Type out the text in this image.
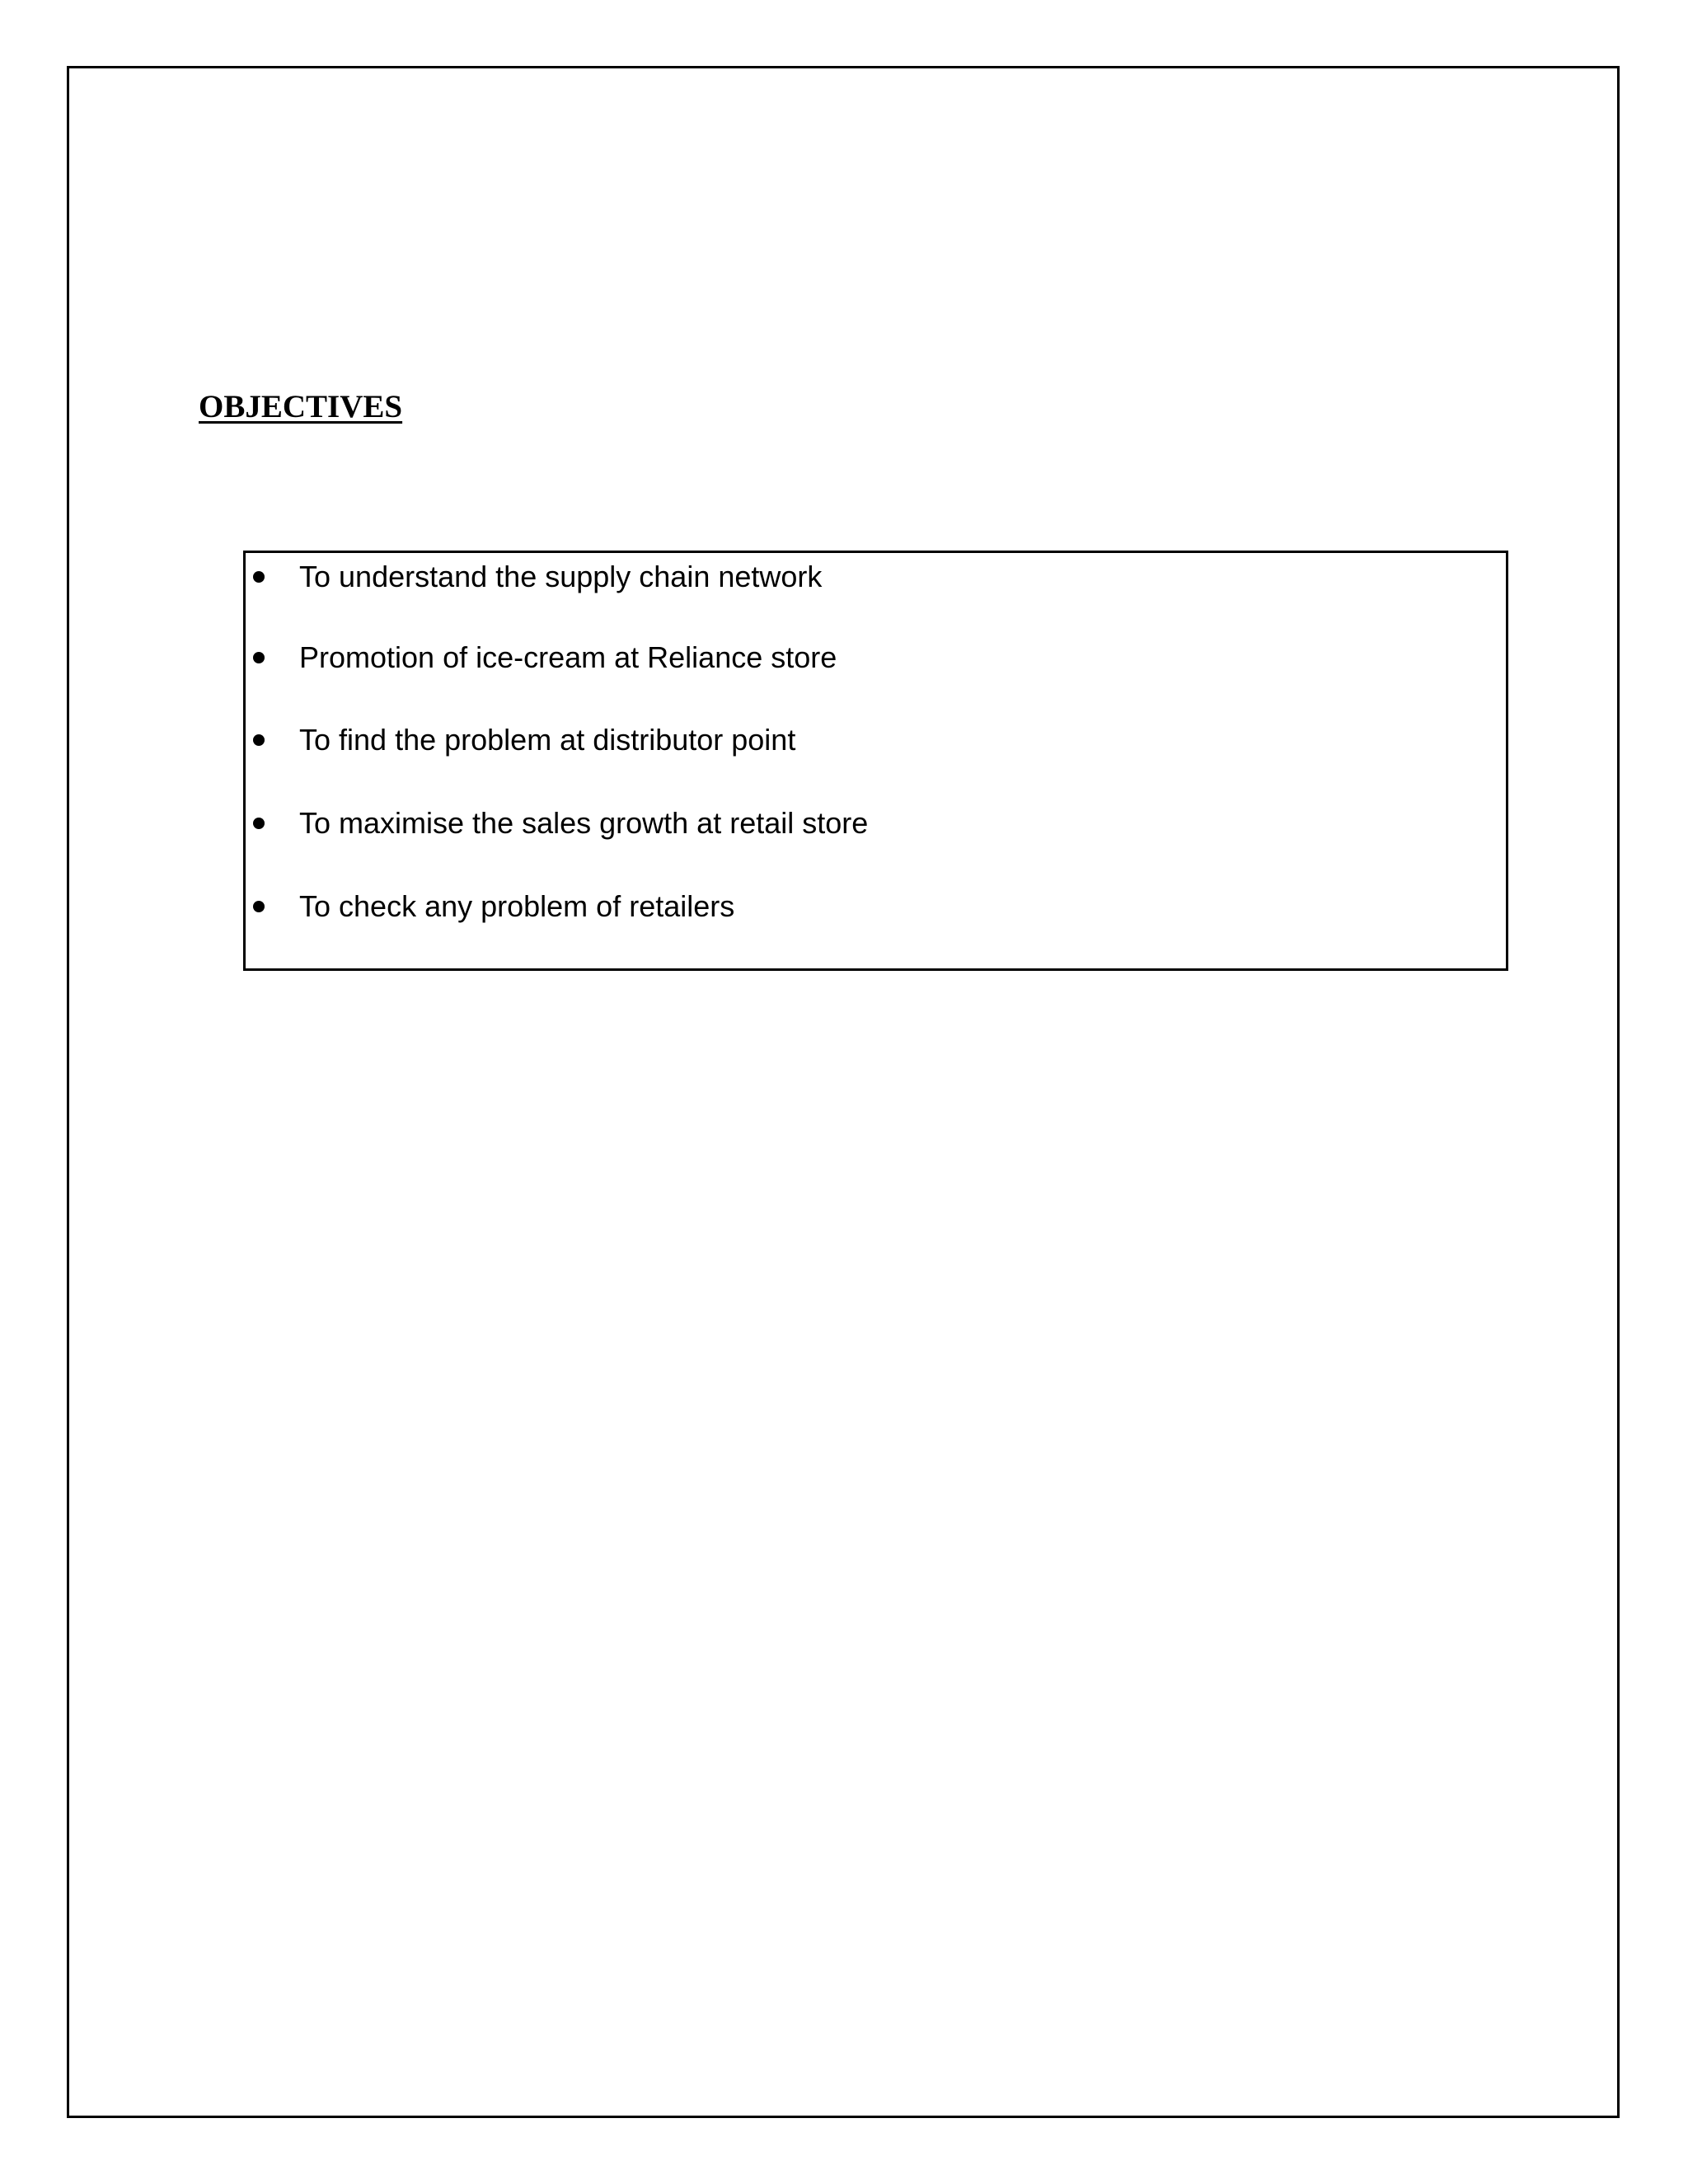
OBJECTIVES
To understand the supply chain network
Promotion of ice-cream at Reliance store
To find the problem at distributor point
To maximise the sales growth at retail store
To check any problem of retailers
